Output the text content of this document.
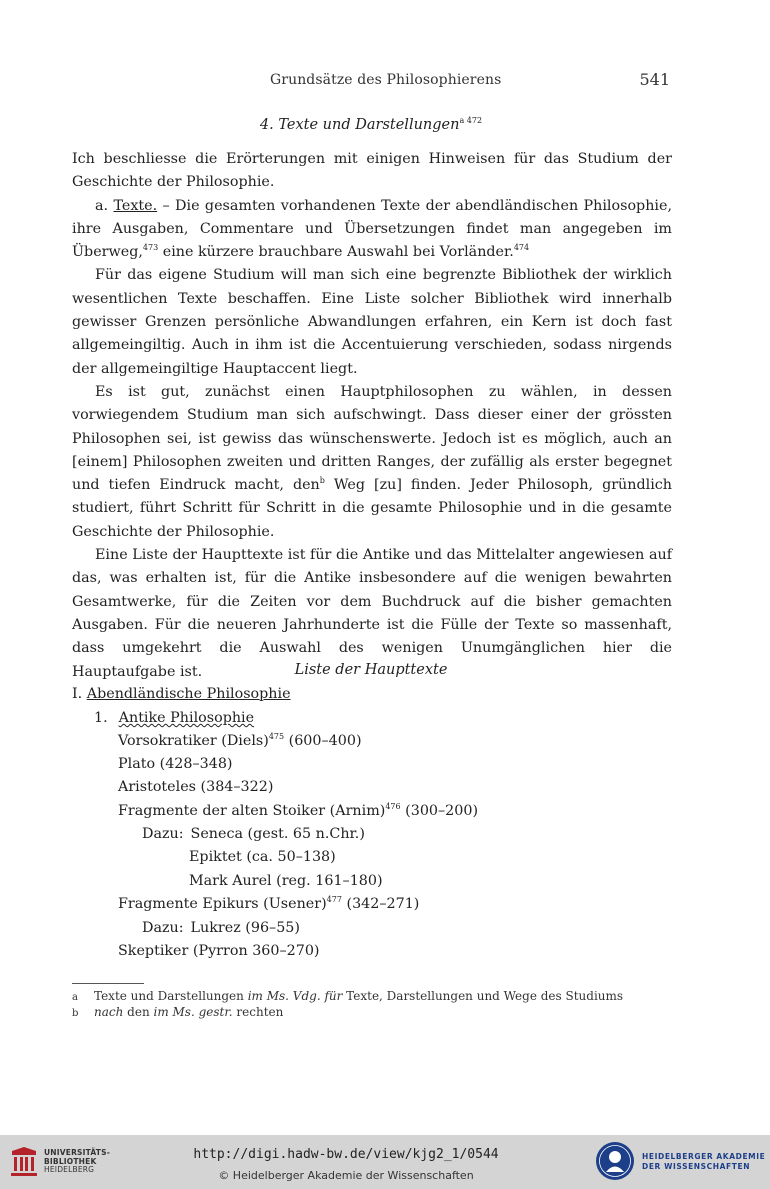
Grundsätze des Philosophierens	541
4. Texte und Darstellungen$^{a 472}$

Ich beschliesse die Erörterungen mit einigen Hinweisen für das Studium der Geschichte der Philosophie.

a. Texte. – Die gesamten vorhandenen Texte der abendländischen Philosophie, ihre Ausgaben, Commentare und Übersetzungen findet man angegeben im Überweg,$^{473}$ eine kürzere brauchbare Auswahl bei Vorländer.$^{474}$

Für das eigene Studium will man sich eine begrenzte Bibliothek der wirklich wesentlichen Texte beschaffen. Eine Liste solcher Bibliothek wird innerhalb gewisser Grenzen persönliche Abwandlungen erfahren, ein Kern ist doch fast allgemeingiltig. Auch in ihm ist die Accentuierung verschieden, sodass nirgends der allgemeingiltige Hauptaccent liegt.

Es ist gut, zunächst einen Hauptphilosophen zu wählen, in dessen vorwiegendem Studium man sich aufschwingt. Dass dieser einer der grössten Philosophen sei, ist gewiss das wünschenswerte. Jedoch ist es möglich, auch an [einem] Philosophen zweiten und dritten Ranges, der zufällig als erster begegnet und tiefen Eindruck macht, den$^b$ Weg [zu] finden. Jeder Philosoph, gründlich studiert, führt Schritt für Schritt in die gesamte Philosophie und in die gesamte Geschichte der Philosophie.

Eine Liste der Haupttexte ist für die Antike und das Mittelalter angewiesen auf das, was erhalten ist, für die Antike insbesondere auf die wenigen bewahrten Gesamtwerke, für die Zeiten vor dem Buchdruck auf die bisher gemachten Ausgaben. Für die neueren Jahrhunderte ist die Fülle der Texte so massenhaft, dass umgekehrt die Auswahl des wenigen Unumgänglichen hier die Hauptaufgabe ist.	Liste der Haupttexte
I. Abendländische Philosophie
1. Antike Philosophie
Vorsokratiker (Diels)$^{475}$ (600–400)
Plato (428–348)
Aristoteles (384–322)
Fragmente der alten Stoiker (Arnim)$^{476}$ (300–200)
Dazu: Seneca (gest. 65 n.Chr.)
Epiktet (ca. 50–138)
Mark Aurel (reg. 161–180)
Fragmente Epikurs (Usener)$^{477}$ (342–271)
Dazu: Lukrez (96–55)
Skeptiker (Pyrron 360–270)
a Texte und Darstellungen im Ms. Vdg. für Texte, Darstellungen und Wege des Studiums
b nach den im Ms. gestr. rechten
UNIVERSITÄTS-
BIBLIOTHEK
HEIDELBERG
http://digi.hadw-bw.de/view/kjg2_1/0544
© Heidelberger Akademie der Wissenschaften
HEIDELBERGER AKADEMIE
DER WISSENSCHAFTEN
